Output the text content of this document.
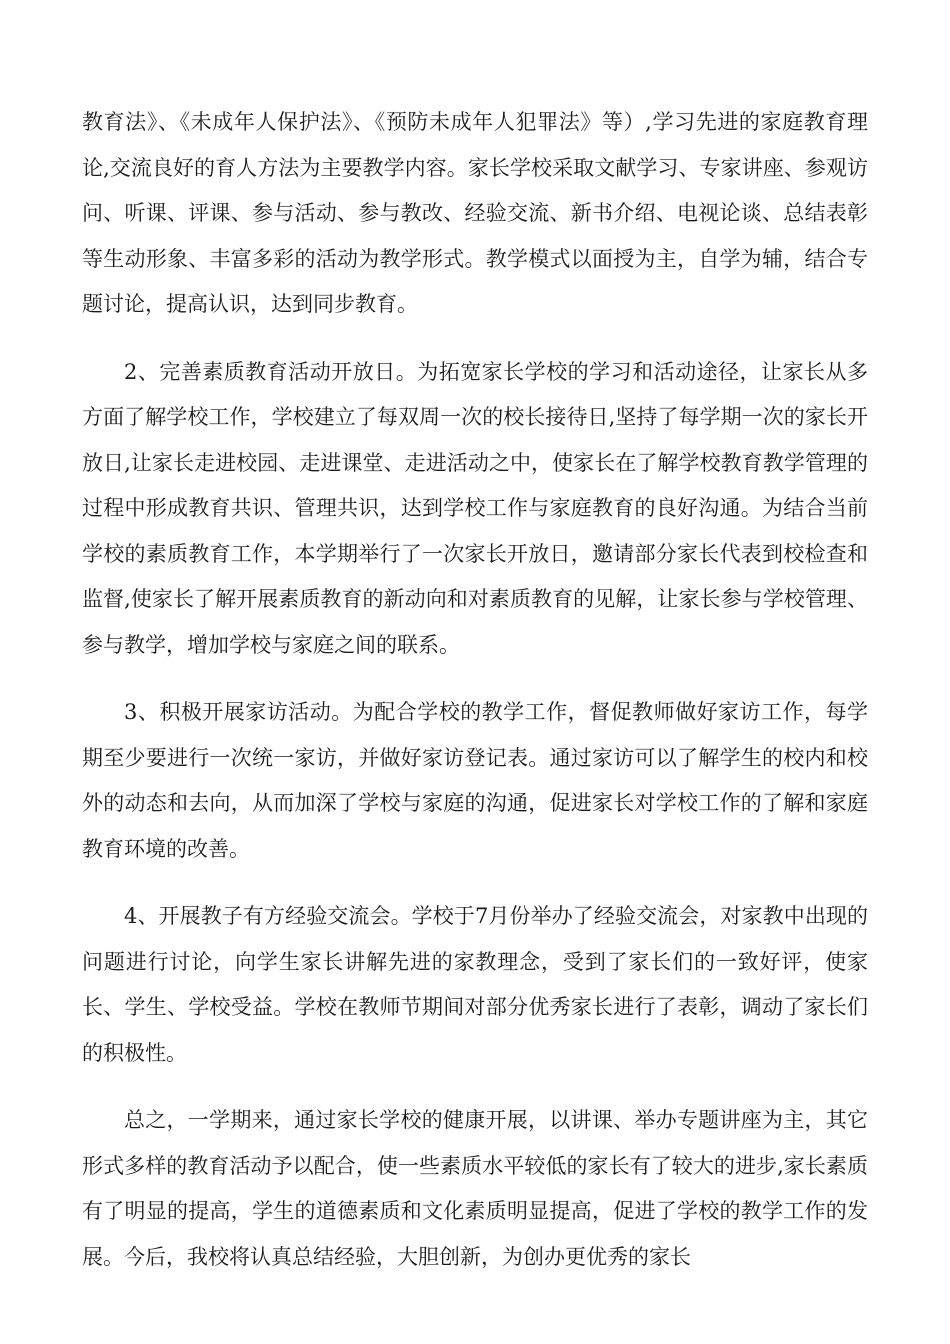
教育法》、《未成年人保护法》、《预防未成年人犯罪法》等）,学习先进的家庭教育理论,交流良好的育人方法为主要教学内容。家长学校采取文献学习、专家讲座、参观访问、听课、评课、参与活动、参与教改、经验交流、新书介绍、电视论谈、总结表彰等生动形象、丰富多彩的活动为教学形式。教学模式以面授为主，自学为辅，结合专题讨论，提高认识，达到同步教育。

2、完善素质教育活动开放日。为拓宽家长学校的学习和活动途径，让家长从多方面了解学校工作，学校建立了每双周一次的校长接待日,坚持了每学期一次的家长开放日,让家长走进校园、走进课堂、走进活动之中，使家长在了解学校教育教学管理的过程中形成教育共识、管理共识，达到学校工作与家庭教育的良好沟通。为结合当前学校的素质教育工作，本学期举行了一次家长开放日，邀请部分家长代表到校检查和监督,使家长了解开展素质教育的新动向和对素质教育的见解，让家长参与学校管理、参与教学，增加学校与家庭之间的联系。

3、积极开展家访活动。为配合学校的教学工作，督促教师做好家访工作，每学期至少要进行一次统一家访，并做好家访登记表。通过家访可以了解学生的校内和校外的动态和去向，从而加深了学校与家庭的沟通，促进家长对学校工作的了解和家庭教育环境的改善。

4、开展教子有方经验交流会。学校于7月份举办了经验交流会，对家教中出现的问题进行讨论，向学生家长讲解先进的家教理念，受到了家长们的一致好评，使家长、学生、学校受益。学校在教师节期间对部分优秀家长进行了表彰，调动了家长们的积极性。

总之，一学期来，通过家长学校的健康开展，以讲课、举办专题讲座为主，其它形式多样的教育活动予以配合，使一些素质水平较低的家长有了较大的进步,家长素质有了明显的提高，学生的道德素质和文化素质明显提高，促进了学校的教学工作的发展。今后，我校将认真总结经验，大胆创新，为创办更优秀的家长
